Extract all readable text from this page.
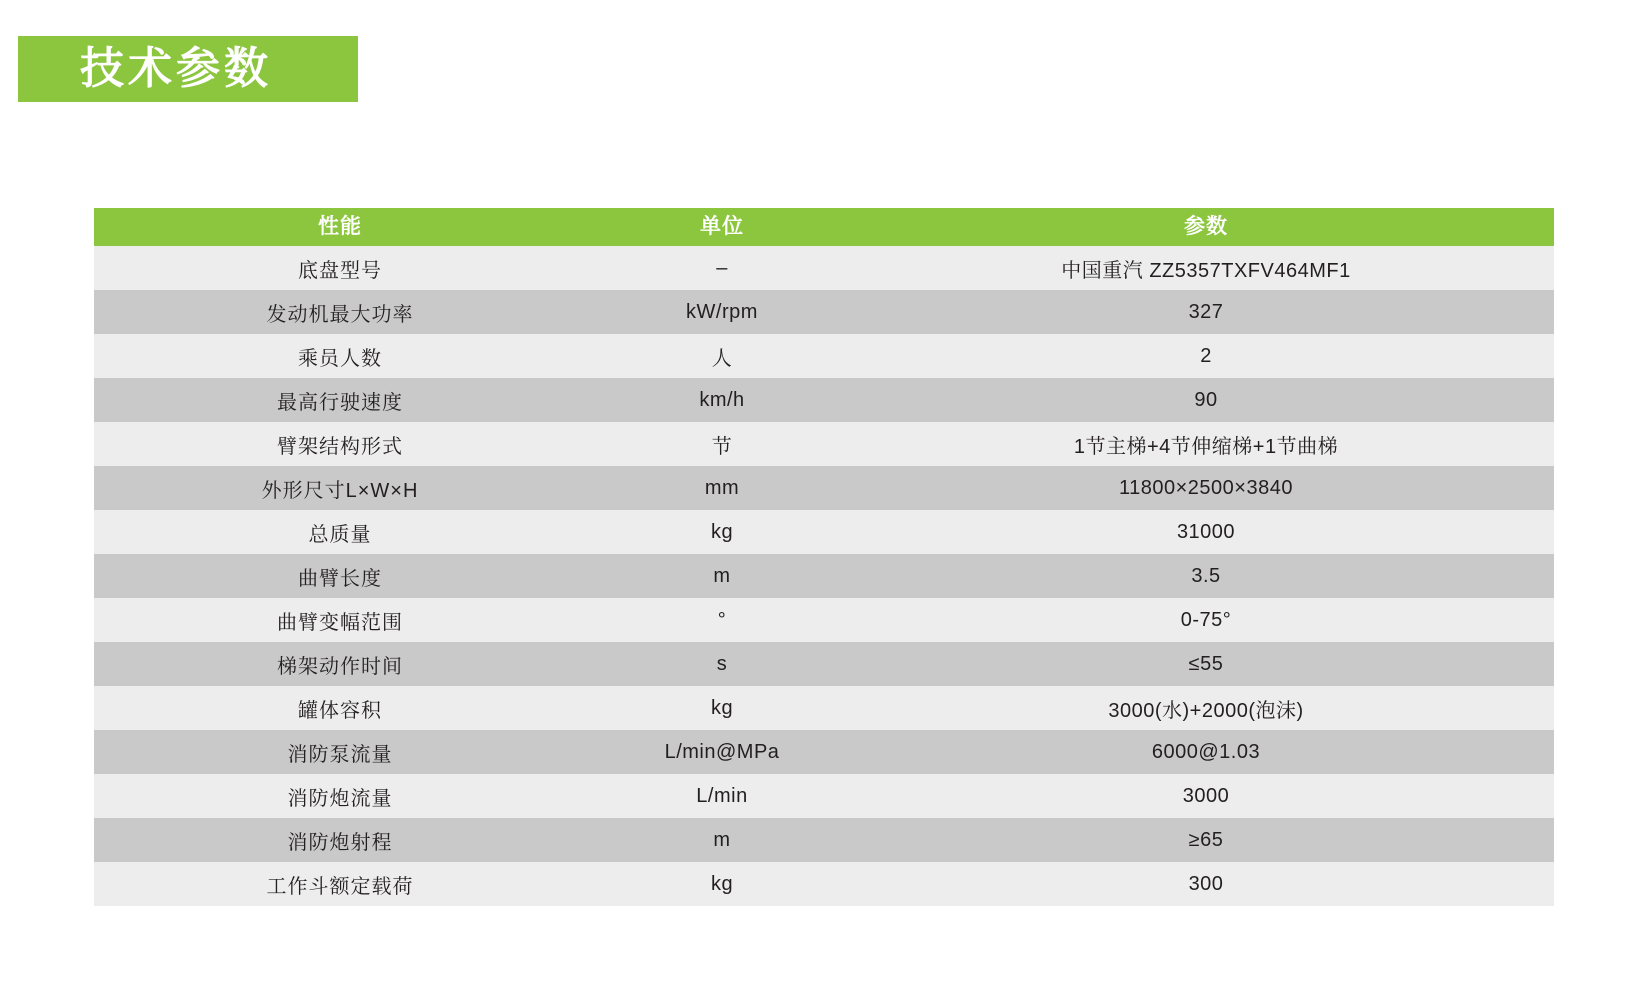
技术参数
性能	单位	参数
底盘型号	–	中国重汽 ZZ5357TXFV464MF1
发动机最大功率	kW/rpm	327
乘员人数	人	2
最高行驶速度	km/h	90
臂架结构形式	节	1节主梯+4节伸缩梯+1节曲梯
外形尺寸L×W×H	mm	11800×2500×3840
总质量	kg	31000
曲臂长度	m	3.5
曲臂变幅范围	°	0-75°
梯架动作时间	s	≤55
罐体容积	kg	3000(水)+2000(泡沫)
消防泵流量	L/min@MPa	6000@1.03
消防炮流量	L/min	3000
消防炮射程	m	≥65
工作斗额定载荷	kg	300
